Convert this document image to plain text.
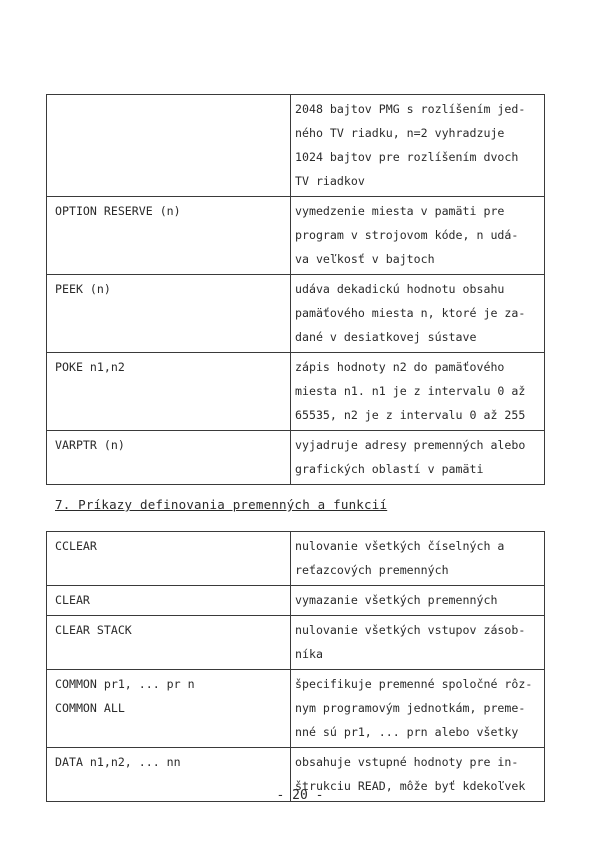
	2048 bajtov PMG s rozlíšením jed-
ného TV riadku, n=2 vyhradzuje
1024 bajtov pre rozlíšením dvoch
TV riadkov
OPTION RESERVE (n)	vymedzenie miesta v pamäti pre
program v strojovom kóde, n udá-
va veľkosť v bajtoch
PEEK (n)	udáva dekadickú hodnotu obsahu
pamäťového miesta n, ktoré je za-
dané v desiatkovej sústave
POKE n1,n2	zápis hodnoty n2 do pamäťového
miesta n1. n1 je z intervalu 0 až
65535, n2 je z intervalu 0 až 255
VARPTR (n)	vyjadruje adresy premenných alebo
grafických oblastí v pamäti
7. Príkazy definovania premenných a funkcií
CCLEAR	nulovanie všetkých číselných a
reťazcových premenných
CLEAR	vymazanie všetkých premenných
CLEAR STACK	nulovanie všetkých vstupov zásob-
níka
COMMON pr1, ... pr n
COMMON ALL	špecifikuje premenné spoločné rôz-
nym programovým jednotkám, preme-
nné sú pr1, ... prn alebo všetky
DATA n1,n2, ... nn	obsahuje vstupné hodnoty pre in-
štrukciu READ, môže byť kdekoľvek
- 20 -
